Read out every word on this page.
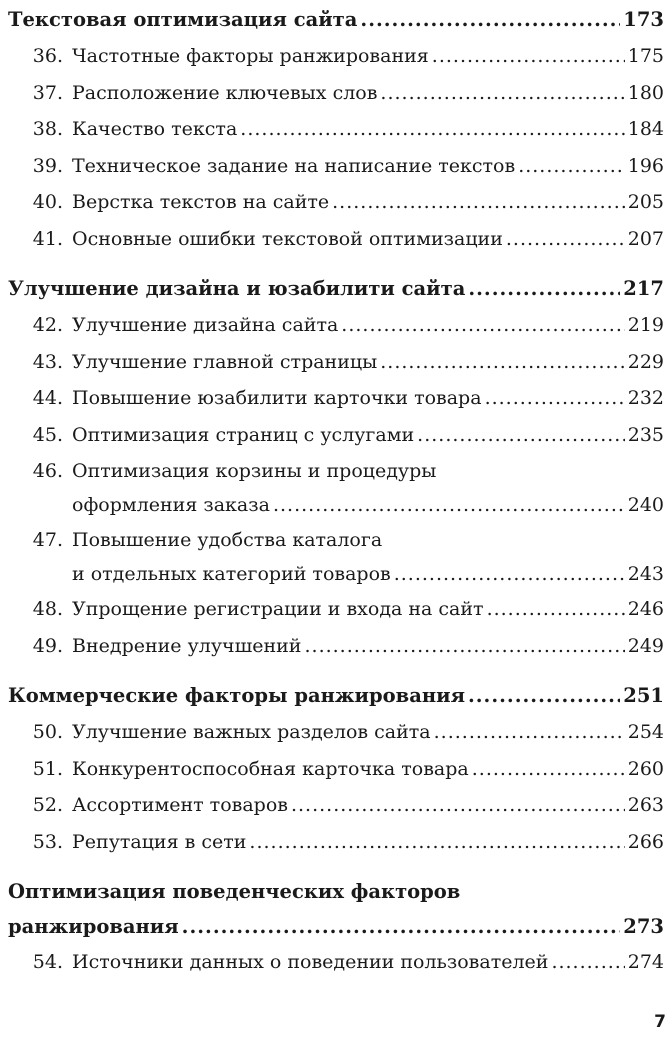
Текстовая оптимизация сайта .....	173
36. Частотные факторы ранжирования .....	175
37. Расположение ключевых слов .....	180
38. Качество текста .....	184
39. Техническое задание на написание текстов .....	196
40. Верстка текстов на сайте .....	205
41. Основные ошибки текстовой оптимизации .....	207
Улучшение дизайна и юзабилити сайта .....	217
42. Улучшение дизайна сайта .....	219
43. Улучшение главной страницы .....	229
44. Повышение юзабилити карточки товара .....	232
45. Оптимизация страниц с услугами .....	235
46. Оптимизация корзины и процедуры
оформления заказа .....	240
47. Повышение удобства каталога
и отдельных категорий товаров .....	243
48. Упрощение регистрации и входа на сайт .....	246
49. Внедрение улучшений .....	249
Коммерческие факторы ранжирования .....	251
50. Улучшение важных разделов сайта .....	254
51. Конкурентоспособная карточка товара .....	260
52. Ассортимент товаров .....	263
53. Репутация в сети .....	266
Оптимизация поведенческих факторов
ранжирования .....	273
54. Источники данных о поведении пользователей .....	274
7
